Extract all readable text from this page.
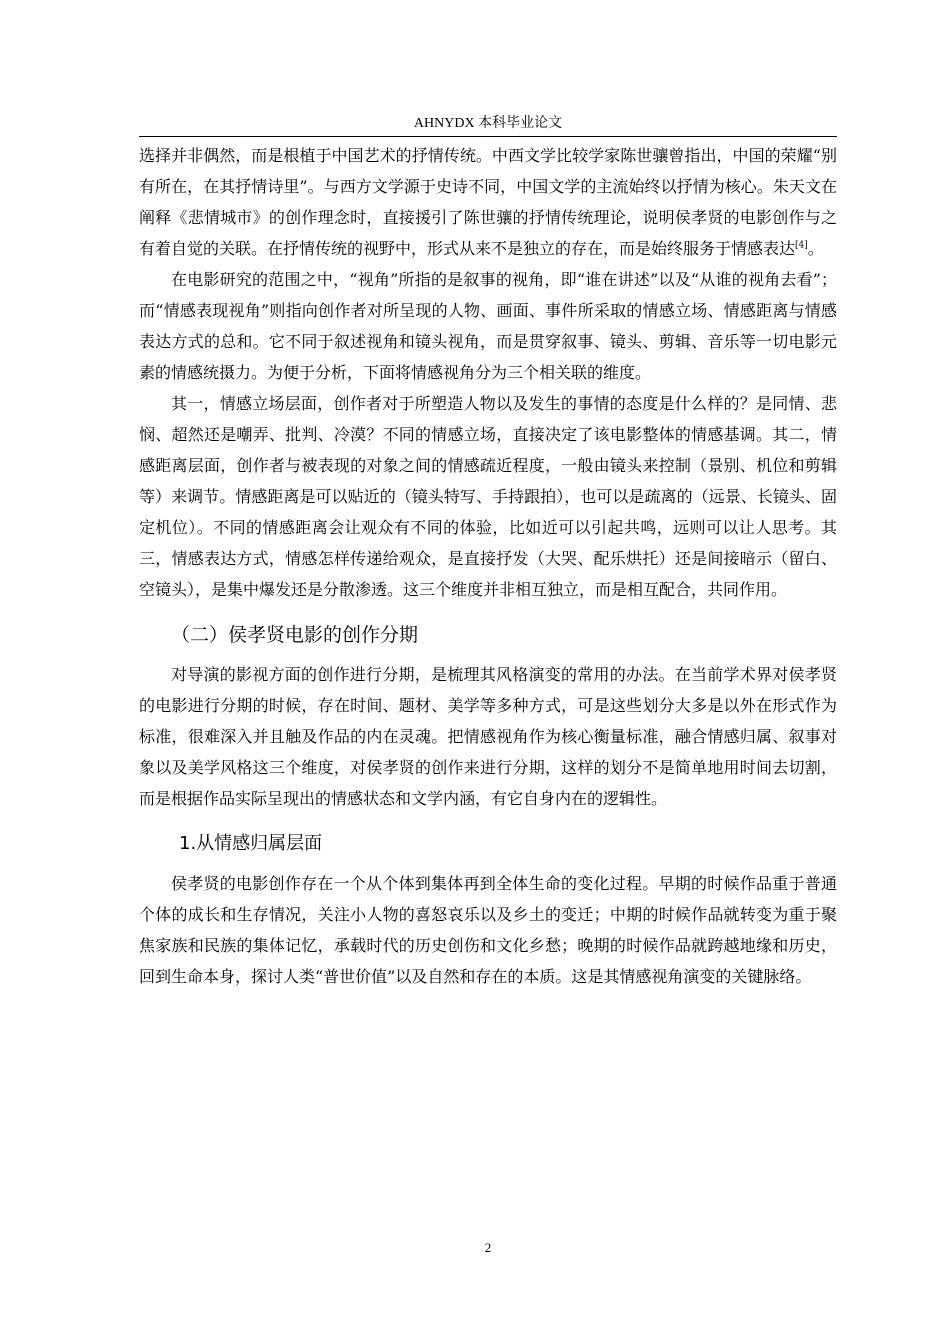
AHNYDX 本科毕业论文

选择并非偶然，而是根植于中国艺术的抒情传统。中西文学比较学家陈世骧曾指出，中国的荣耀“别有所在，在其抒情诗里”。与西方文学源于史诗不同，中国文学的主流始终以抒情为核心。朱天文在阐释《悲情城市》的创作理念时，直接援引了陈世骧的抒情传统理论，说明侯孝贤的电影创作与之有着自觉的关联。在抒情传统的视野中，形式从来不是独立的存在，而是始终服务于情感表达[4]。

在电影研究的范围之中，“视角”所指的是叙事的视角，即“谁在讲述”以及“从谁的视角去看”；而“情感表现视角”则指向创作者对所呈现的人物、画面、事件所采取的情感立场、情感距离与情感表达方式的总和。它不同于叙述视角和镜头视角，而是贯穿叙事、镜头、剪辑、音乐等一切电影元素的情感统摄力。为便于分析，下面将情感视角分为三个相关联的维度。

其一，情感立场层面，创作者对于所塑造人物以及发生的事情的态度是什么样的？是同情、悲悯、超然还是嘲弄、批判、冷漠？不同的情感立场，直接决定了该电影整体的情感基调。其二，情感距离层面，创作者与被表现的对象之间的情感疏近程度，一般由镜头来控制（景别、机位和剪辑等）来调节。情感距离是可以贴近的（镜头特写、手持跟拍），也可以是疏离的（远景、长镜头、固定机位）。不同的情感距离会让观众有不同的体验，比如近可以引起共鸣，远则可以让人思考。其三，情感表达方式，情感怎样传递给观众，是直接抒发（大哭、配乐烘托）还是间接暗示（留白、空镜头），是集中爆发还是分散渗透。这三个维度并非相互独立，而是相互配合，共同作用。

（二）侯孝贤电影的创作分期

对导演的影视方面的创作进行分期，是梳理其风格演变的常用的办法。在当前学术界对侯孝贤的电影进行分期的时候，存在时间、题材、美学等多种方式，可是这些划分大多是以外在形式作为标准，很难深入并且触及作品的内在灵魂。把情感视角作为核心衡量标准，融合情感归属、叙事对象以及美学风格这三个维度，对侯孝贤的创作来进行分期，这样的划分不是简单地用时间去切割，而是根据作品实际呈现出的情感状态和文学内涵，有它自身内在的逻辑性。

1.从情感归属层面

侯孝贤的电影创作存在一个从个体到集体再到全体生命的变化过程。早期的时候作品重于普通个体的成长和生存情况，关注小人物的喜怒哀乐以及乡土的变迁；中期的时候作品就转变为重于聚焦家族和民族的集体记忆，承载时代的历史创伤和文化乡愁；晚期的时候作品就跨越地缘和历史，回到生命本身，探讨人类“普世价值”以及自然和存在的本质。这是其情感视角演变的关键脉络。

2
